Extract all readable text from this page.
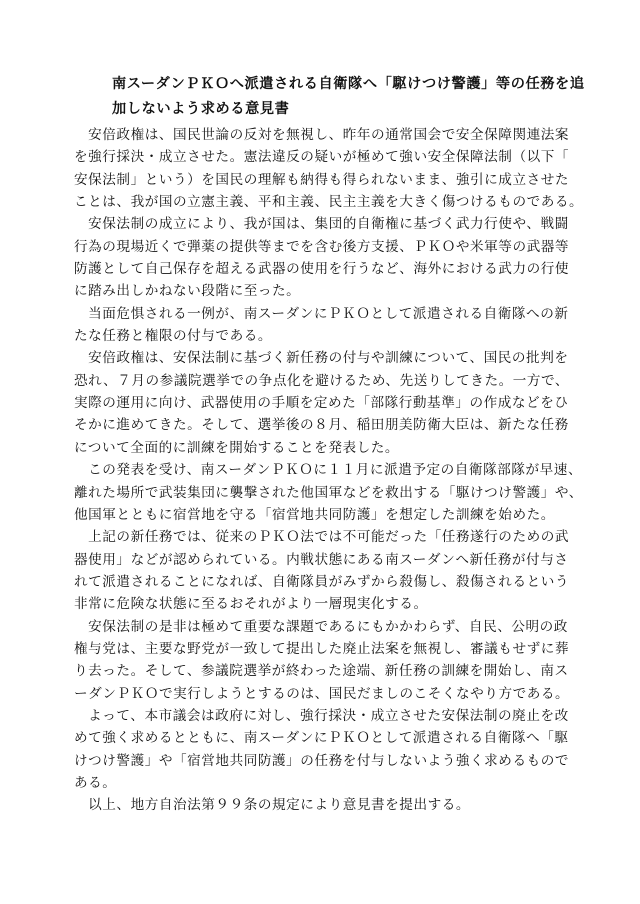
南スーダンＰＫＯへ派遣される自衛隊へ「駆けつけ警護」等の任務を追
加しないよう求める意見書

　安倍政権は、国民世論の反対を無視し、昨年の通常国会で安全保障関連法案
を強行採決・成立させた。憲法違反の疑いが極めて強い安全保障法制（以下「
安保法制」という）を国民の理解も納得も得られないまま、強引に成立させた
ことは、我が国の立憲主義、平和主義、民主主義を大きく傷つけるものである。

　安保法制の成立により、我が国は、集団的自衛権に基づく武力行使や、戦闘
行為の現場近くで弾薬の提供等までを含む後方支援、ＰＫＯや米軍等の武器等
防護として自己保存を超える武器の使用を行うなど、海外における武力の行使
に踏み出しかねない段階に至った。

　当面危惧される一例が、南スーダンにＰＫＯとして派遣される自衛隊への新
たな任務と権限の付与である。

　安倍政権は、安保法制に基づく新任務の付与や訓練について、国民の批判を
恐れ、７月の参議院選挙での争点化を避けるため、先送りしてきた。一方で、
実際の運用に向け、武器使用の手順を定めた「部隊行動基準」の作成などをひ
そかに進めてきた。そして、選挙後の８月、稲田朋美防衛大臣は、新たな任務
について全面的に訓練を開始することを発表した。

　この発表を受け、南スーダンＰＫＯに１１月に派遣予定の自衛隊部隊が早速、
離れた場所で武装集団に襲撃された他国軍などを救出する「駆けつけ警護」や、
他国軍とともに宿営地を守る「宿営地共同防護」を想定した訓練を始めた。

　上記の新任務では、従来のＰＫＯ法では不可能だった「任務遂行のための武
器使用」などが認められている。内戦状態にある南スーダンへ新任務が付与さ
れて派遣されることになれば、自衛隊員がみずから殺傷し、殺傷されるという
非常に危険な状態に至るおそれがより一層現実化する。

　安保法制の是非は極めて重要な課題であるにもかかわらず、自民、公明の政
権与党は、主要な野党が一致して提出した廃止法案を無視し、審議もせずに葬
り去った。そして、参議院選挙が終わった途端、新任務の訓練を開始し、南ス
ーダンＰＫＯで実行しようとするのは、国民だましのこそくなやり方である。

　よって、本市議会は政府に対し、強行採決・成立させた安保法制の廃止を改
めて強く求めるとともに、南スーダンにＰＫＯとして派遣される自衛隊へ「駆
けつけ警護」や「宿営地共同防護」の任務を付与しないよう強く求めるもので
ある。

　以上、地方自治法第９９条の規定により意見書を提出する。
